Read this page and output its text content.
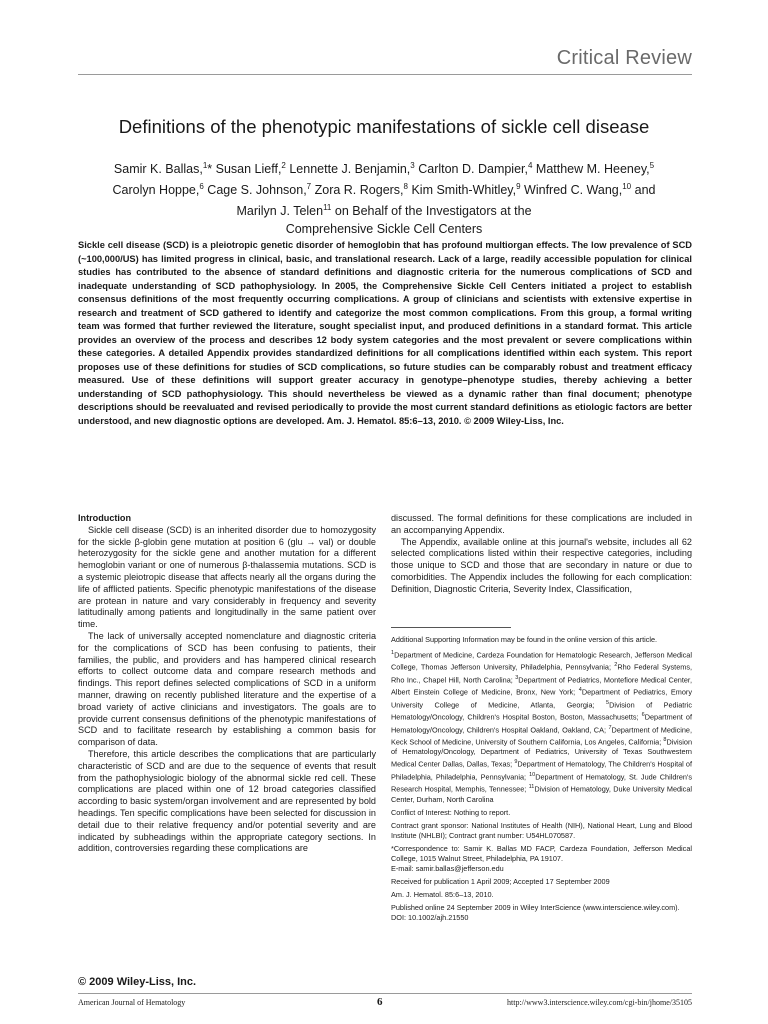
Critical Review
Definitions of the phenotypic manifestations of sickle cell disease
Samir K. Ballas,$^1$* Susan Lieff,$^2$ Lennette J. Benjamin,$^3$ Carlton D. Dampier,$^4$ Matthew M. Heeney,$^5$
Carolyn Hoppe,$^6$ Cage S. Johnson,$^7$ Zora R. Rogers,$^8$ Kim Smith-Whitley,$^9$ Winfred C. Wang,$^{10}$ and
Marilyn J. Telen$^{11}$ on Behalf of the Investigators at the
Comprehensive Sickle Cell Centers
Sickle cell disease (SCD) is a pleiotropic genetic disorder of hemoglobin that has profound multiorgan effects. The low prevalence of SCD (~100,000/US) has limited progress in clinical, basic, and translational research. Lack of a large, readily accessible population for clinical studies has contributed to the absence of standard definitions and diagnostic criteria for the numerous complications of SCD and inadequate understanding of SCD pathophysiology. In 2005, the Comprehensive Sickle Cell Centers initiated a project to establish consensus definitions of the most frequently occurring complications. A group of clinicians and scientists with extensive expertise in research and treatment of SCD gathered to identify and categorize the most common complications. From this group, a formal writing team was formed that further reviewed the literature, sought specialist input, and produced definitions in a standard format. This article provides an overview of the process and describes 12 body system categories and the most prevalent or severe complications within these categories. A detailed Appendix provides standardized definitions for all complications identified within each system. This report proposes use of these definitions for studies of SCD complications, so future studies can be comparably robust and treatment efficacy measured. Use of these definitions will support greater accuracy in genotype–phenotype studies, thereby achieving a better understanding of SCD pathophysiology. This should nevertheless be viewed as a dynamic rather than final document; phenotype descriptions should be reevaluated and revised periodically to provide the most current standard definitions as etiologic factors are better understood, and new diagnostic options are developed. Am. J. Hematol. 85:6–13, 2010. © 2009 Wiley-Liss, Inc.

Introduction

Sickle cell disease (SCD) is an inherited disorder due to homozygosity for the sickle β-globin gene mutation at position 6 (glu → val) or double heterozygosity for the sickle gene and another mutation for a different hemoglobin variant or one of numerous β-thalassemia mutations. SCD is a systemic pleiotropic disease that affects nearly all the organs during the life of afflicted patients. Specific phenotypic manifestations of the disease are protean in nature and vary considerably in frequency and severity latitudinally among patients and longitudinally in the same patient over time.

The lack of universally accepted nomenclature and diagnostic criteria for the complications of SCD has been confusing to patients, their families, the public, and providers and has hampered clinical research efforts to collect outcome data and compare research methods and findings. This report defines selected complications of SCD in a uniform manner, drawing on recently published literature and the expertise of a broad variety of active clinicians and investigators. The goals are to provide current consensus definitions of the phenotypic manifestations of SCD and to facilitate research by establishing a common basis for comparison of data.

Therefore, this article describes the complications that are particularly characteristic of SCD and are due to the sequence of events that result from the pathophysiologic biology of the abnormal sickle red cell. These complications are placed within one of 12 broad categories classified according to basic system/organ involvement and are represented by bold headings. Ten specific complications have been selected for discussion in detail due to their relative frequency and/or potential severity and are indicated by subheadings within the appropriate category sections. In addition, controversies regarding these complications are

discussed. The formal definitions for these complications are included in an accompanying Appendix.

The Appendix, available online at this journal's website, includes all 62 selected complications listed within their respective categories, including those unique to SCD and those that are secondary in nature or due to comorbidities. The Appendix includes the following for each complication: Definition, Diagnostic Criteria, Severity Index, Classification,

Additional Supporting Information may be found in the online version of this article.

$^1$Department of Medicine, Cardeza Foundation for Hematologic Research, Jefferson Medical College, Thomas Jefferson University, Philadelphia, Pennsylvania; $^2$Rho Federal Systems, Rho Inc., Chapel Hill, North Carolina; $^3$Department of Pediatrics, Montefiore Medical Center, Albert Einstein College of Medicine, Bronx, New York; $^4$Department of Pediatrics, Emory University College of Medicine, Atlanta, Georgia; $^5$Division of Pediatric Hematology/Oncology, Children's Hospital Boston, Boston, Massachusetts; $^6$Department of Hematology/Oncology, Children's Hospital Oakland, Oakland, CA; $^7$Department of Medicine, Keck School of Medicine, University of Southern California, Los Angeles, California; $^8$Division of Hematology/Oncology, Department of Pediatrics, University of Texas Southwestern Medical Center Dallas, Dallas, Texas; $^9$Department of Hematology, The Children's Hospital of Philadelphia, Philadelphia, Pennsylvania; $^{10}$Department of Hematology, St. Jude Children's Research Hospital, Memphis, Tennessee; $^{11}$Division of Hematology, Duke University Medical Center, Durham, North Carolina

Conflict of Interest: Nothing to report.

Contract grant sponsor: National Institutes of Health (NIH), National Heart, Lung and Blood Institute (NHLBI); Contract grant number: U54HL070587.

*Correspondence to: Samir K. Ballas MD FACP, Cardeza Foundation, Jefferson Medical College, 1015 Walnut Street, Philadelphia, PA 19107.

E-mail: samir.ballas@jefferson.edu

Received for publication 1 April 2009; Accepted 17 September 2009

Am. J. Hematol. 85:6–13, 2010.

Published online 24 September 2009 in Wiley InterScience (www.interscience.wiley.com).

DOI: 10.1002/ajh.21550

© 2009 Wiley-Liss, Inc.
American Journal of Hematology	6	http://www3.interscience.wiley.com/cgi-bin/jhome/35105
